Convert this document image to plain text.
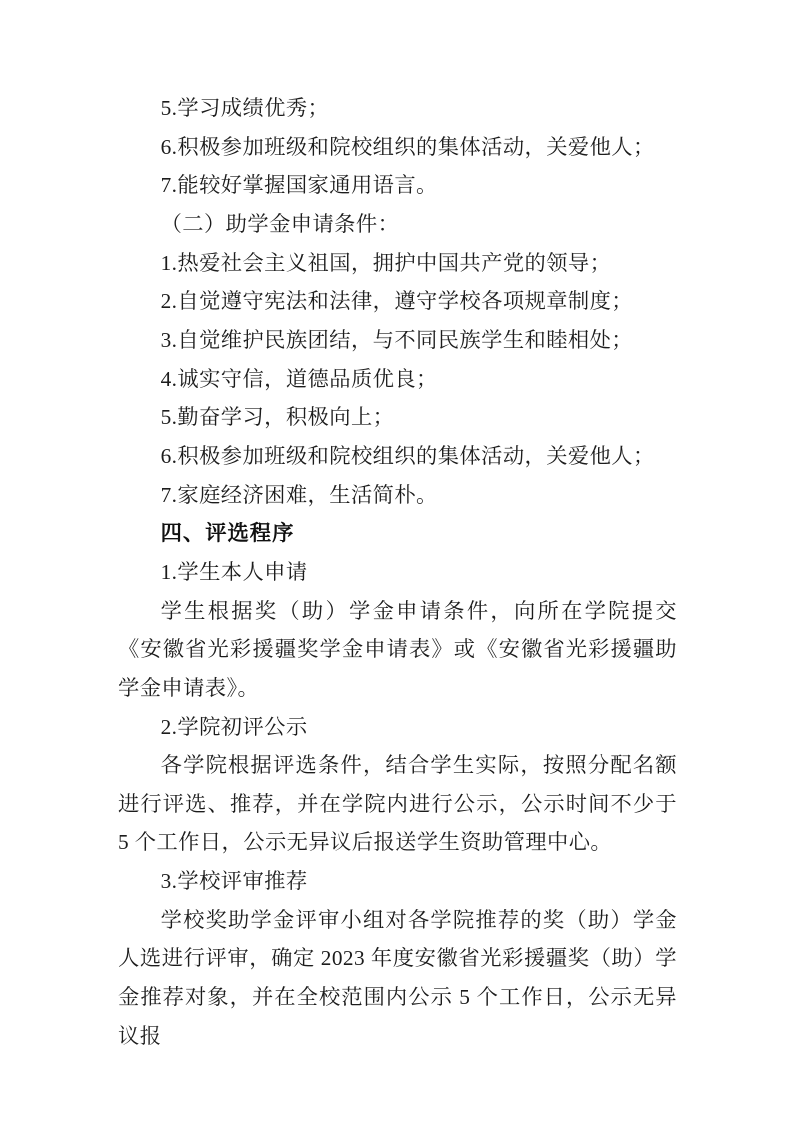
5.学习成绩优秀；

6.积极参加班级和院校组织的集体活动，关爱他人；

7.能较好掌握国家通用语言。

（二）助学金申请条件：

1.热爱社会主义祖国，拥护中国共产党的领导；

2.自觉遵守宪法和法律，遵守学校各项规章制度；

3.自觉维护民族团结，与不同民族学生和睦相处；

4.诚实守信，道德品质优良；

5.勤奋学习，积极向上；

6.积极参加班级和院校组织的集体活动，关爱他人；

7.家庭经济困难，生活简朴。

四、评选程序

1.学生本人申请

学生根据奖（助）学金申请条件，向所在学院提交《安徽省光彩援疆奖学金申请表》或《安徽省光彩援疆助学金申请表》。

2.学院初评公示

各学院根据评选条件，结合学生实际，按照分配名额进行评选、推荐，并在学院内进行公示，公示时间不少于 5 个工作日，公示无异议后报送学生资助管理中心。

3.学校评审推荐

学校奖助学金评审小组对各学院推荐的奖（助）学金人选进行评审，确定 2023 年度安徽省光彩援疆奖（助）学金推荐对象，并在全校范围内公示 5 个工作日，公示无异议报
